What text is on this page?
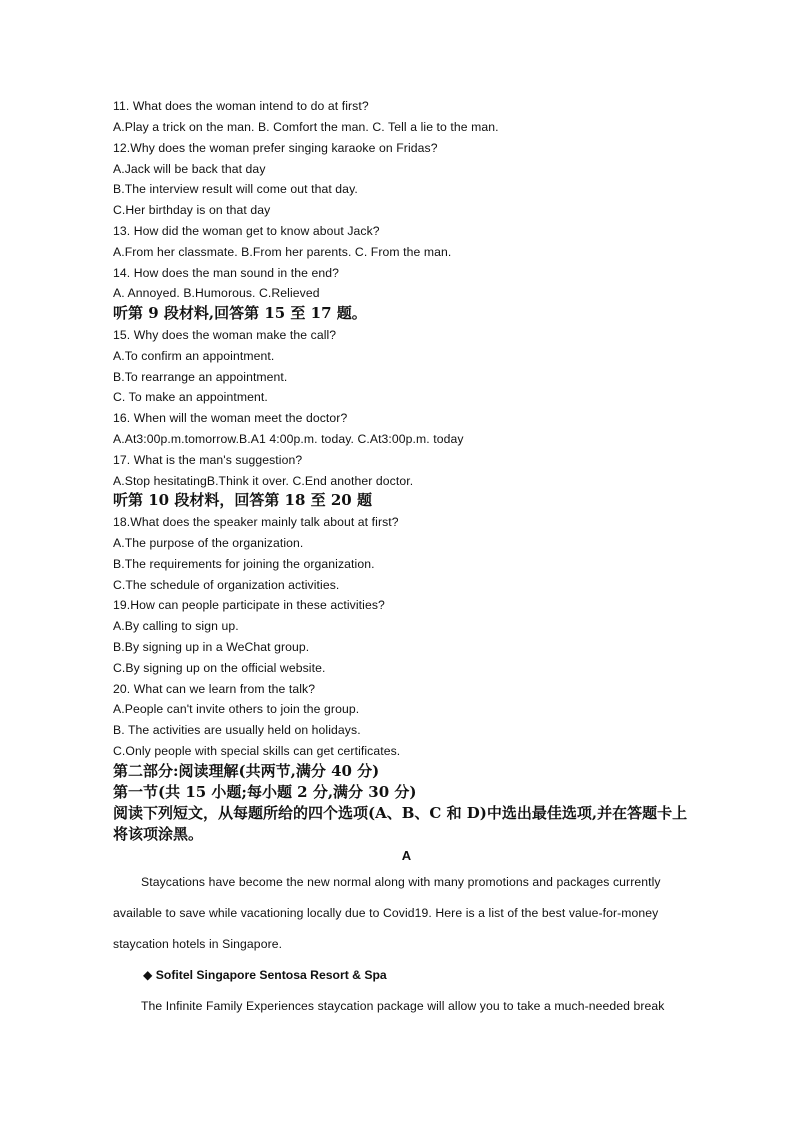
11. What does the woman intend to do at first?
A.Play a trick on the man. B. Comfort the man. C. Tell a lie to the man.
12.Why does the woman prefer singing karaoke on Fridas?
A.Jack will be back that day
B.The interview result will come out that day.
C.Her birthday is on that day
13. How did the woman get to know about Jack?
A.From her classmate. B.From her parents. C. From the man.
14. How does the man sound in the end?
A. Annoyed. B.Humorous. C.Relieved
听第 9 段材料,回答第 15 至 17 题。
15. Why does the woman make the call?
A.To confirm an appointment.
B.To rearrange an appointment.
C. To make an appointment.
16. When will the woman meet the doctor?
A.At3:00p.m.tomorrow.B.A1 4:00p.m. today. C.At3:00p.m. today
17. What is the man's suggestion?
A.Stop hesitatingB.Think it over. C.End another doctor.
听第 10 段材料，回答第 18 至 20 题
18.What does the speaker mainly talk about at first?
A.The purpose of the organization.
B.The requirements for joining the organization.
C.The schedule of organization activities.
19.How can people participate in these activities?
A.By calling to sign up.
B.By signing up in a WeChat group.
C.By signing up on the official website.
20. What can we learn from the talk?
A.People can't invite others to join the group.
B. The activities are usually held on holidays.
C.Only people with special skills can get certificates.
第二部分:阅读理解(共两节,满分 40 分)
第一节(共 15 小题;每小题 2 分,满分 30 分)
阅读下列短文，从每题所给的四个选项(A、B、C 和 D)中选出最佳选项,并在答题卡上
将该项涂黑。
A
Staycations have become the new normal along with many promotions and packages currently
available to save while vacationing locally due to Covid19. Here is a list of the best value-for-money
staycation hotels in Singapore.
◆ Sofitel Singapore Sentosa Resort & Spa
The Infinite Family Experiences staycation package will allow you to take a much-needed break
